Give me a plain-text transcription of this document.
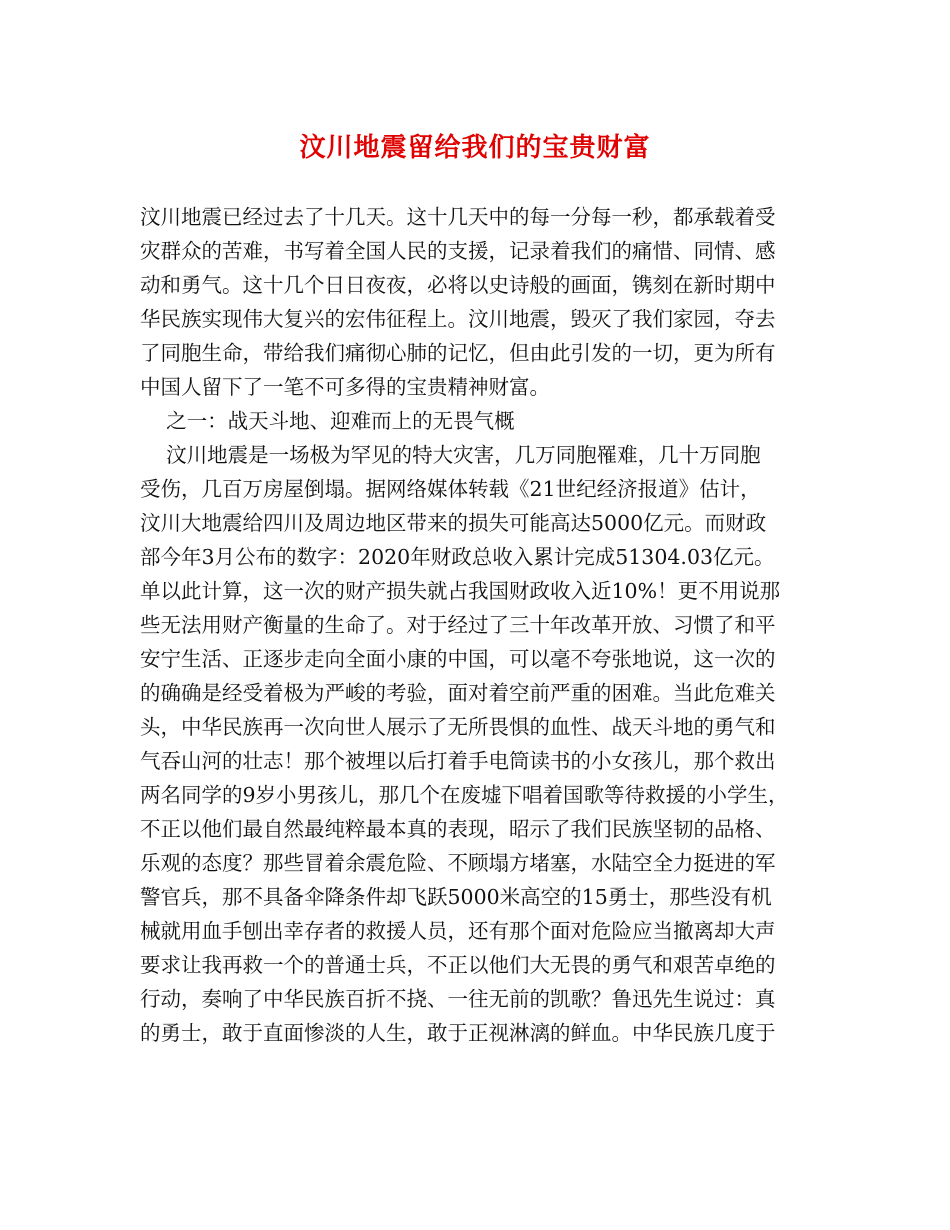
汶川地震留给我们的宝贵财富
汶川地震已经过去了十几天。这十几天中的每一分每一秒，都承载着受
灾群众的苦难，书写着全国人民的支援，记录着我们的痛惜、同情、感
动和勇气。这十几个日日夜夜，必将以史诗般的画面，镌刻在新时期中
华民族实现伟大复兴的宏伟征程上。汶川地震，毁灭了我们家园，夺去
了同胞生命，带给我们痛彻心肺的记忆，但由此引发的一切，更为所有
中国人留下了一笔不可多得的宝贵精神财富。
之一：战天斗地、迎难而上的无畏气概
汶川地震是一场极为罕见的特大灾害，几万同胞罹难，几十万同胞
受伤，几百万房屋倒塌。据网络媒体转载《21世纪经济报道》估计，
汶川大地震给四川及周边地区带来的损失可能高达5000亿元。而财政
部今年3月公布的数字：2020年财政总收入累计完成51304.03亿元。
单以此计算，这一次的财产损失就占我国财政收入近10%！更不用说那
些无法用财产衡量的生命了。对于经过了三十年改革开放、习惯了和平
安宁生活、正逐步走向全面小康的中国，可以毫不夸张地说，这一次的
的确确是经受着极为严峻的考验，面对着空前严重的困难。当此危难关
头，中华民族再一次向世人展示了无所畏惧的血性、战天斗地的勇气和
气吞山河的壮志！那个被埋以后打着手电筒读书的小女孩儿，那个救出
两名同学的9岁小男孩儿，那几个在废墟下唱着国歌等待救援的小学生，
不正以他们最自然最纯粹最本真的表现，昭示了我们民族坚韧的品格、
乐观的态度？那些冒着余震危险、不顾塌方堵塞，水陆空全力挺进的军
警官兵，那不具备伞降条件却飞跃5000米高空的15勇士，那些没有机
械就用血手刨出幸存者的救援人员，还有那个面对危险应当撤离却大声
要求让我再救一个的普通士兵，不正以他们大无畏的勇气和艰苦卓绝的
行动，奏响了中华民族百折不挠、一往无前的凯歌？鲁迅先生说过：真
的勇士，敢于直面惨淡的人生，敢于正视淋漓的鲜血。中华民族几度于
